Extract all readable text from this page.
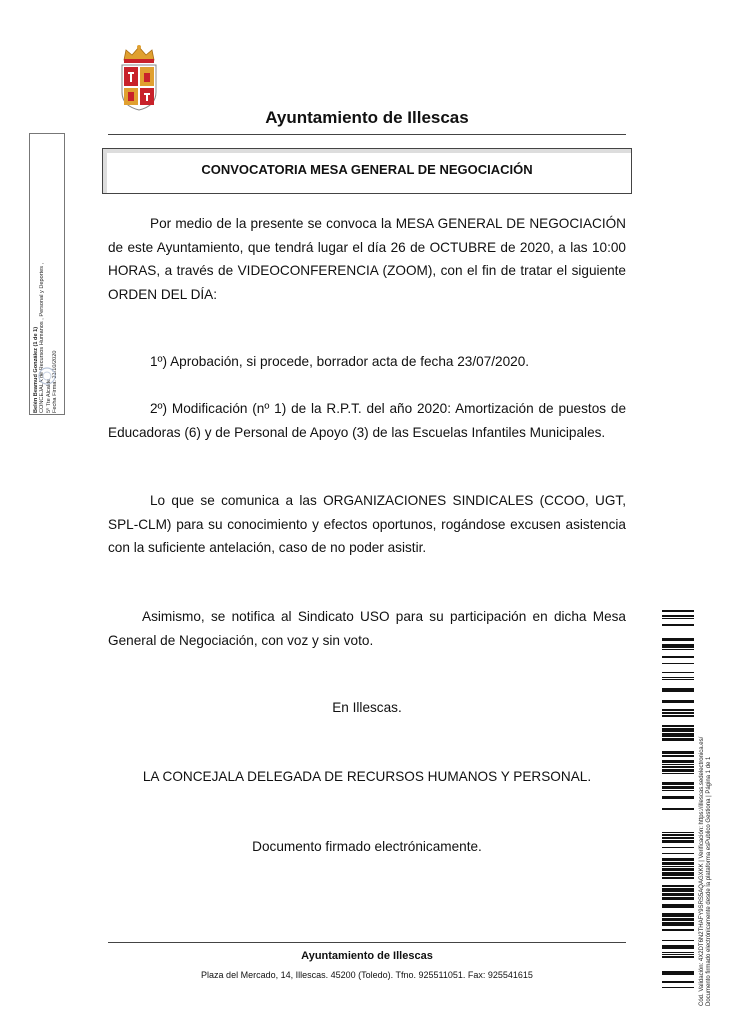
Ayuntamiento de Illescas
CONVOCATORIA MESA GENERAL DE NEGOCIACIÓN
Por medio de la presente se convoca la MESA GENERAL DE NEGOCIACIÓN de este Ayuntamiento, que tendrá lugar el día 26 de OCTUBRE de 2020, a las 10:00 HORAS, a través de VIDEOCONFERENCIA (ZOOM), con el fin de tratar el siguiente ORDEN DEL DÍA:
1º) Aprobación, si procede, borrador acta de fecha 23/07/2020.
2º) Modificación (nº 1) de la R.P.T. del año 2020: Amortización de puestos de Educadoras (6) y de Personal de Apoyo (3) de las Escuelas Infantiles Municipales.
Lo que se comunica a las ORGANIZACIONES SINDICALES (CCOO, UGT, SPL-CLM) para su conocimiento y efectos oportunos, rogándose excusen asistencia con la suficiente antelación, caso de no poder asistir.
Asimismo, se notifica al Sindicato USO para su participación en dicha Mesa General de Negociación, con voz y sin voto.
En Illescas.
LA CONCEJALA DELEGADA DE RECURSOS HUMANOS Y PERSONAL.
Documento firmado electrónicamente.
Ayuntamiento de Illescas
Plaza del Mercado, 14, Illescas. 45200 (Toledo). Tfno. 925511051. Fax: 925541615
Belén Beamud González (1 de 1) CONCEJALA de Recursos Humanos , Personal y Deportes , 5º Tte Alcalde Fecha Firma: 21/10/2020
Cód. Validación: 4X2DT6N2THAFY9SRS5AQAGXKK | Verificación: https://illescas.sedelectronica.es/ Documento firmado electrónicamente desde la plataforma esPublico Gestiona | Página 1 de 1
